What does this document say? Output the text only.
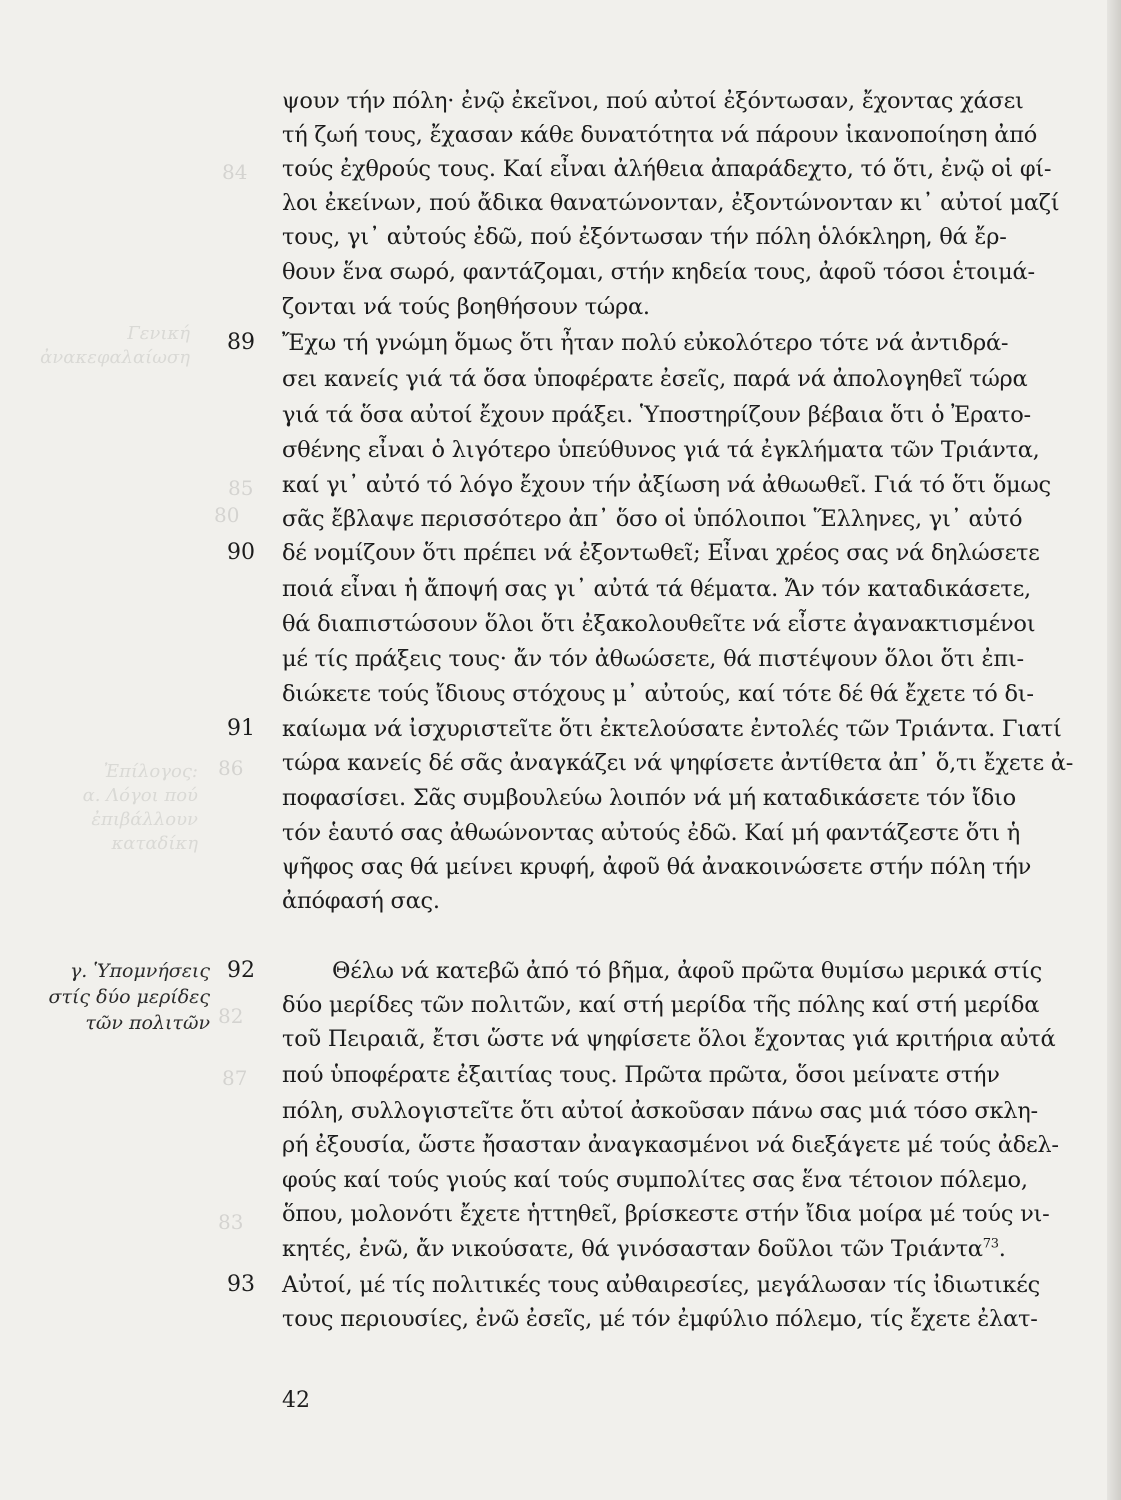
Γενική
ἀνακεφαλαίωση
Ἐπίλογος:
α. Λόγοι πού
ἐπιβάλλουν
καταδίκη
84
85
80
86
82
87
83
89
90
91
92
93
γ. Ὑπομνήσεις
στίς δύο μερίδες
τῶν πολιτῶν
ψουν τήν πόλη· ἐνῷ ἐκεῖνοι, πού αὐτοί ἐξόντωσαν, ἔχοντας χάσει
τή ζωή τους, ἔχασαν κάθε δυνατότητα νά πάρουν ἱκανοποίηση ἀπό
τούς ἐχθρούς τους. Καί εἶναι ἀλήθεια ἀπαράδεχτο, τό ὅτι, ἐνῷ οἱ φί-
λοι ἐκείνων, πού ἄδικα θανατώνονταν, ἐξοντώνονταν κι᾽ αὐτοί μαζί
τους, γι᾽ αὐτούς ἐδῶ, πού ἐξόντωσαν τήν πόλη ὁλόκληρη, θά ἔρ-
θουν ἕνα σωρό, φαντάζομαι, στήν κηδεία τους, ἀφοῦ τόσοι ἑτοιμά-
ζονται νά τούς βοηθήσουν τώρα.
Ἔχω τή γνώμη ὅμως ὅτι ἦταν πολύ εὐκολότερο τότε νά ἀντιδρά-
σει κανείς γιά τά ὅσα ὑποφέρατε ἐσεῖς, παρά νά ἀπολογηθεῖ τώρα
γιά τά ὅσα αὐτοί ἔχουν πράξει. Ὑποστηρίζουν βέβαια ὅτι ὁ Ἐρατο-
σθένης εἶναι ὁ λιγότερο ὑπεύθυνος γιά τά ἐγκλήματα τῶν Τριάντα,
καί γι᾽ αὐτό τό λόγο ἔχουν τήν ἀξίωση νά ἀθωωθεῖ. Γιά τό ὅτι ὅμως
σᾶς ἔβλαψε περισσότερο ἀπ᾽ ὅσο οἱ ὑπόλοιποι Ἕλληνες, γι᾽ αὐτό
δέ νομίζουν ὅτι πρέπει νά ἐξοντωθεῖ; Εἶναι χρέος σας νά δηλώσετε
ποιά εἶναι ἡ ἄποψή σας γι᾽ αὐτά τά θέματα. Ἄν τόν καταδικάσετε,
θά διαπιστώσουν ὅλοι ὅτι ἐξακολουθεῖτε νά εἶστε ἀγανακτισμένοι
μέ τίς πράξεις τους· ἄν τόν ἀθωώσετε, θά πιστέψουν ὅλοι ὅτι ἐπι-
διώκετε τούς ἴδιους στόχους μ᾽ αὐτούς, καί τότε δέ θά ἔχετε τό δι-
καίωμα νά ἰσχυριστεῖτε ὅτι ἐκτελούσατε ἐντολές τῶν Τριάντα. Γιατί
τώρα κανείς δέ σᾶς ἀναγκάζει νά ψηφίσετε ἀντίθετα ἀπ᾽ ὅ,τι ἔχετε ἀ-
ποφασίσει. Σᾶς συμβουλεύω λοιπόν νά μή καταδικάσετε τόν ἴδιο
τόν ἑαυτό σας ἀθωώνοντας αὐτούς ἐδῶ. Καί μή φαντάζεστε ὅτι ἡ
ψῆφος σας θά μείνει κρυφή, ἀφοῦ θά ἀνακοινώσετε στήν πόλη τήν
ἀπόφασή σας.
Θέλω νά κατεβῶ ἀπό τό βῆμα, ἀφοῦ πρῶτα θυμίσω μερικά στίς
δύο μερίδες τῶν πολιτῶν, καί στή μερίδα τῆς πόλης καί στή μερίδα
τοῦ Πειραιᾶ, ἔτσι ὥστε νά ψηφίσετε ὅλοι ἔχοντας γιά κριτήρια αὐτά
πού ὑποφέρατε ἐξαιτίας τους. Πρῶτα πρῶτα, ὅσοι μείνατε στήν
πόλη, συλλογιστεῖτε ὅτι αὐτοί ἀσκοῦσαν πάνω σας μιά τόσο σκλη-
ρή ἐξουσία, ὥστε ἤσασταν ἀναγκασμένοι νά διεξάγετε μέ τούς ἀδελ-
φούς καί τούς γιούς καί τούς συμπολίτες σας ἕνα τέτοιον πόλεμο,
ὅπου, μολονότι ἔχετε ἡττηθεῖ, βρίσκεστε στήν ἴδια μοίρα μέ τούς νι-
κητές, ἐνῶ, ἄν νικούσατε, θά γινόσασταν δοῦλοι τῶν Τριάντα$^{73}$.
Αὐτοί, μέ τίς πολιτικές τους αὐθαιρεσίες, μεγάλωσαν τίς ἰδιωτικές
τους περιουσίες, ἐνῶ ἐσεῖς, μέ τόν ἐμφύλιο πόλεμο, τίς ἔχετε ἐλατ-
42
